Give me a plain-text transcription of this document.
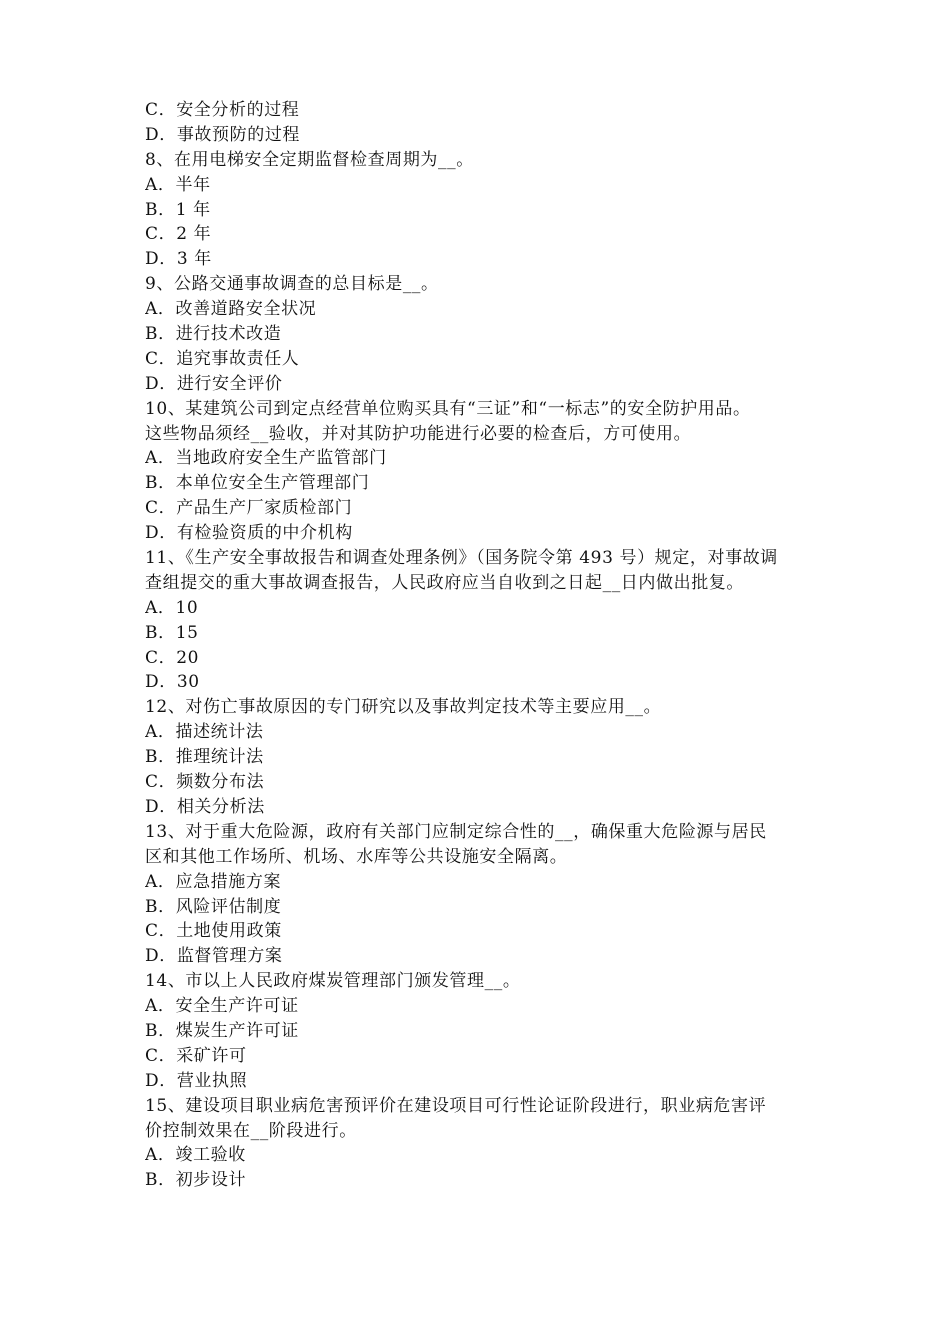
C．安全分析的过程
D．事故预防的过程
8、在用电梯安全定期监督检查周期为__。
A．半年
B．1 年
C．2 年
D．3 年
9、公路交通事故调查的总目标是__。
A．改善道路安全状况
B．进行技术改造
C．追究事故责任人
D．进行安全评价
10、某建筑公司到定点经营单位购买具有“三证”和“一标志”的安全防护用品。
这些物品须经__验收，并对其防护功能进行必要的检查后，方可使用。
A．当地政府安全生产监管部门
B．本单位安全生产管理部门
C．产品生产厂家质检部门
D．有检验资质的中介机构
11、《生产安全事故报告和调查处理条例》（国务院令第 493 号）规定，对事故调
查组提交的重大事故调查报告，人民政府应当自收到之日起__日内做出批复。
A．10
B．15
C．20
D．30
12、对伤亡事故原因的专门研究以及事故判定技术等主要应用__。
A．描述统计法
B．推理统计法
C．频数分布法
D．相关分析法
13、对于重大危险源，政府有关部门应制定综合性的__，确保重大危险源与居民
区和其他工作场所、机场、水库等公共设施安全隔离。
A．应急措施方案
B．风险评估制度
C．土地使用政策
D．监督管理方案
14、市以上人民政府煤炭管理部门颁发管理__。
A．安全生产许可证
B．煤炭生产许可证
C．采矿许可
D．营业执照
15、建设项目职业病危害预评价在建设项目可行性论证阶段进行，职业病危害评
价控制效果在__阶段进行。
A．竣工验收
B．初步设计
